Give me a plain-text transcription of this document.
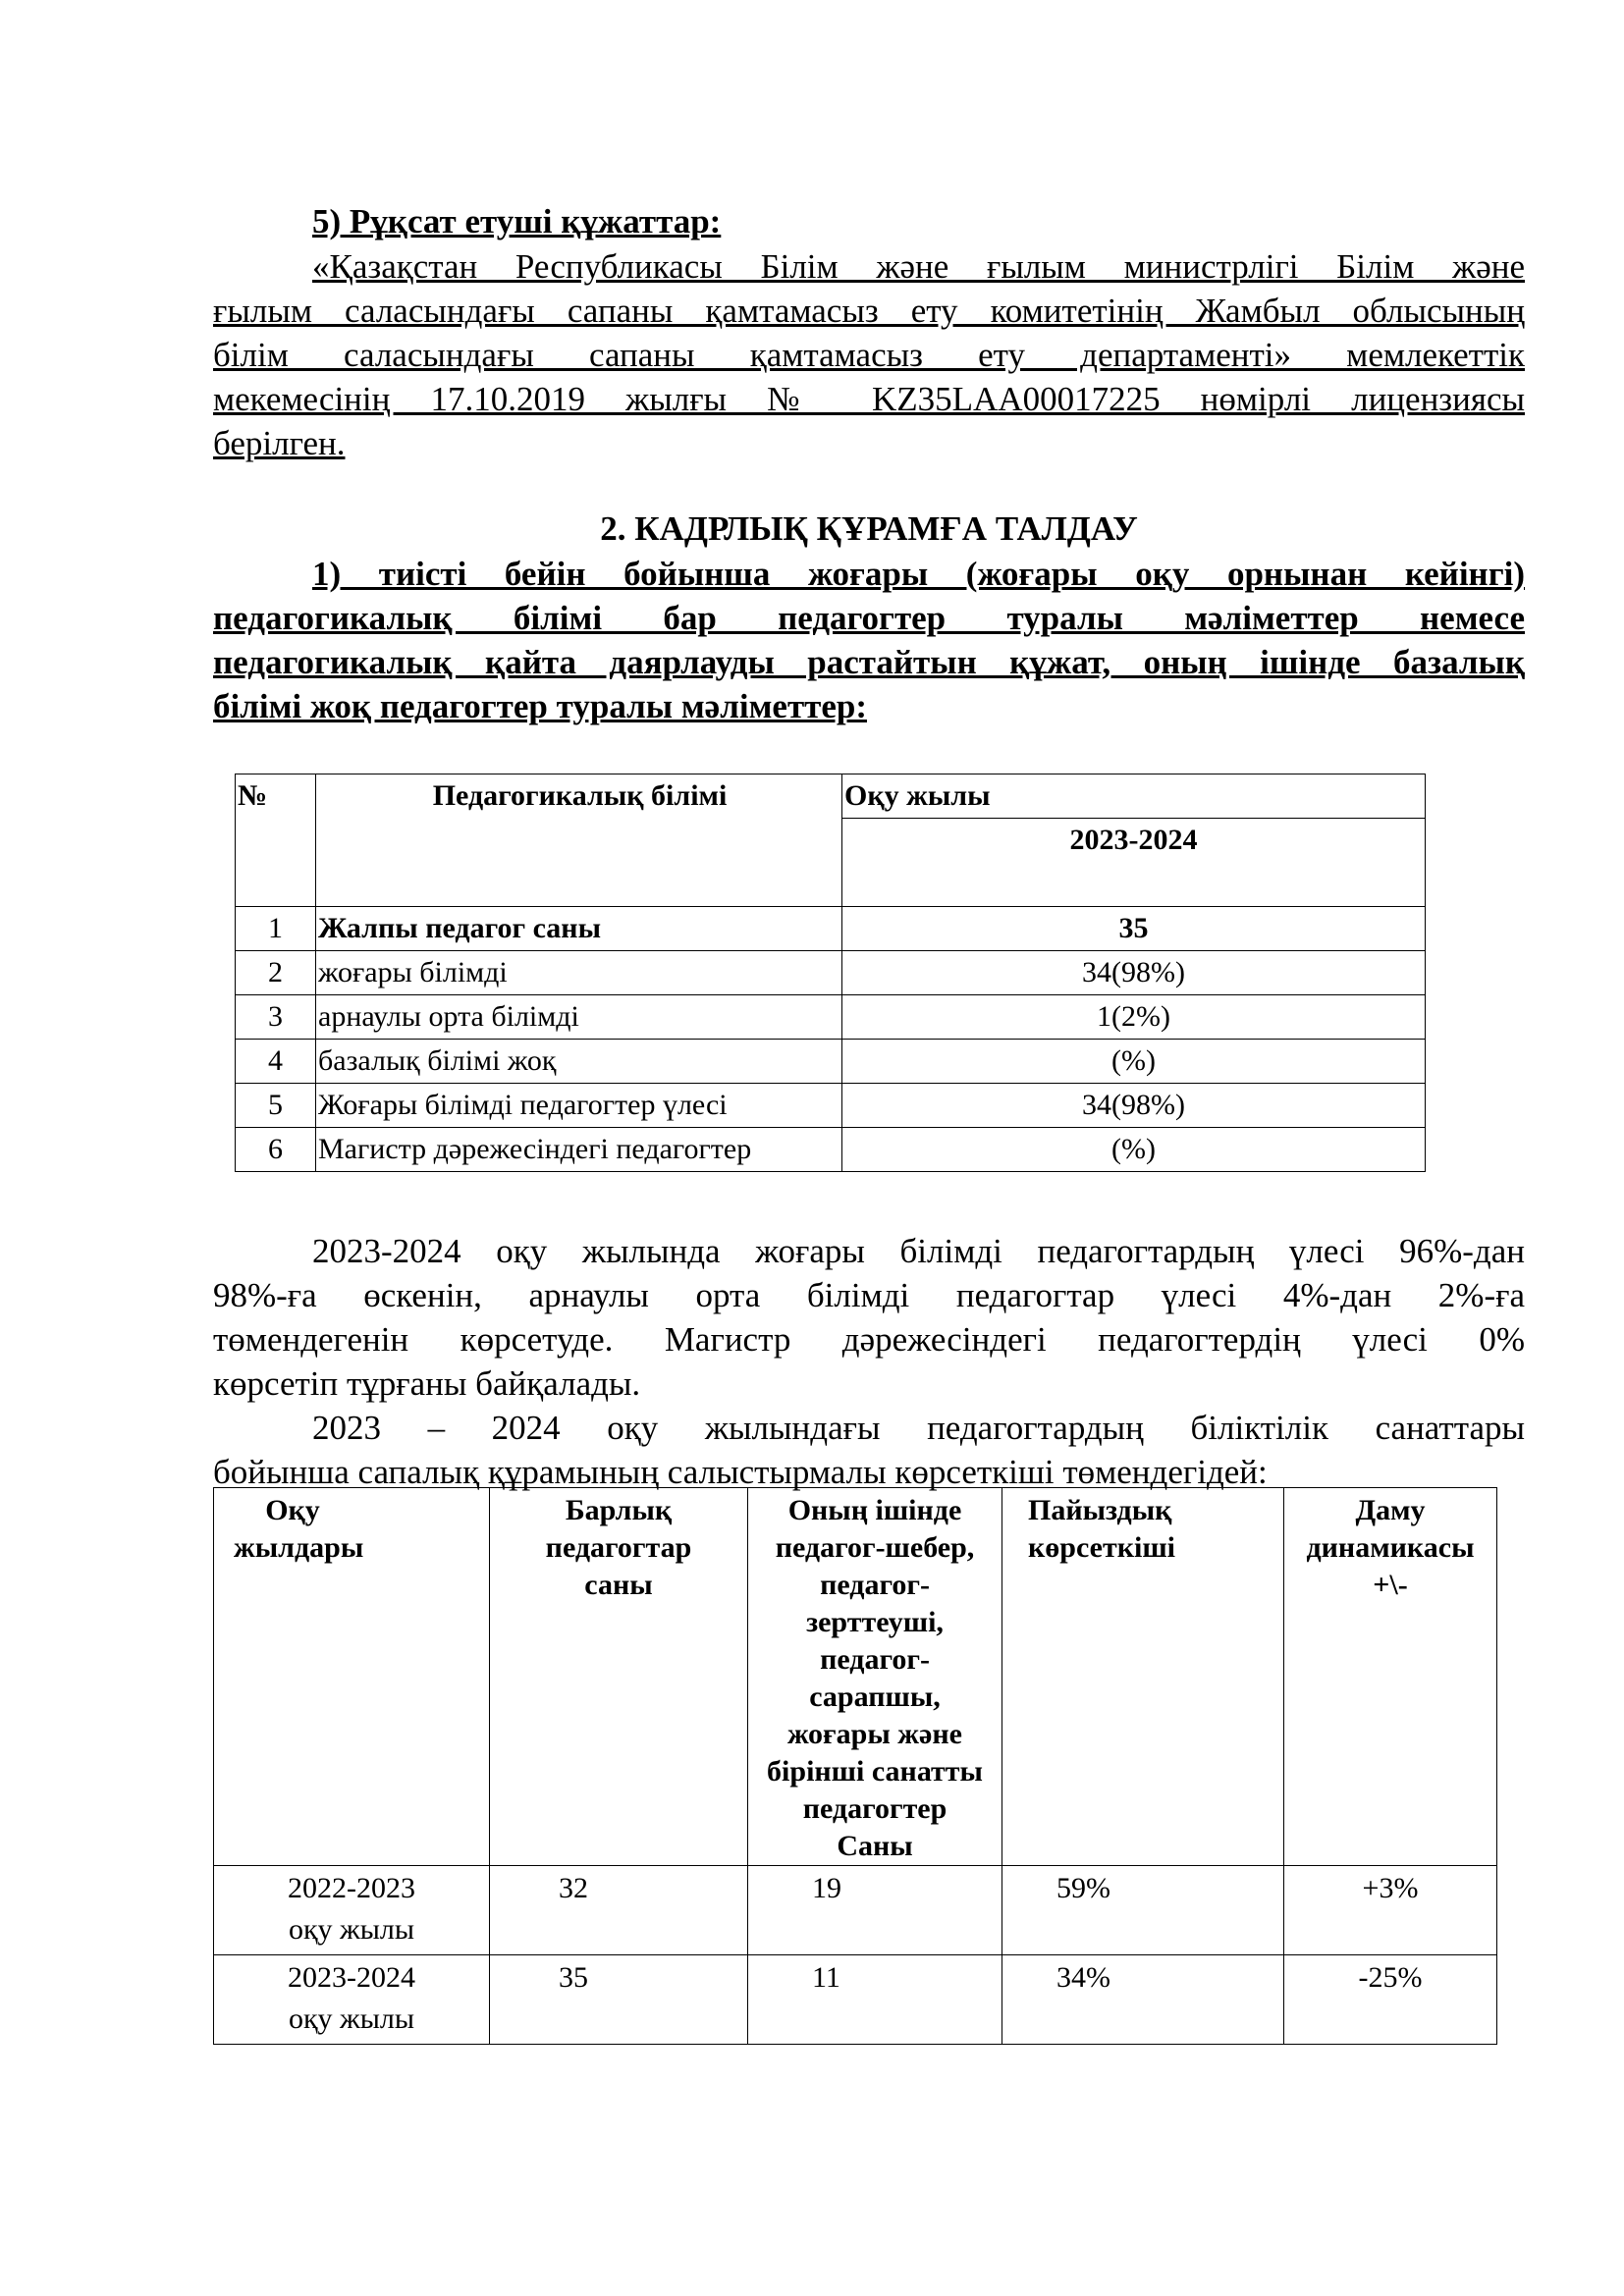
5) Рұқсат етуші құжаттар:
«Қазақстан Республикасы Білім және ғылым министрлігі Білім және
ғылым саласындағы сапаны қамтамасыз ету комитетінің Жамбыл облысының
білім саласындағы сапаны қамтамасыз ету департаменті» мемлекеттік
мекемесінің 17.10.2019 жылғы № KZ35LAA00017225 нөмірлі лицензиясы
берілген.
2. КАДРЛЫҚ ҚҰРАМҒА ТАЛДАУ
1) тиісті бейін бойынша жоғары (жоғары оқу орнынан кейінгі)
педагогикалық білімі бар педагогтер туралы мәліметтер немесе
педагогикалық қайта даярлауды растайтын құжат, оның ішінде базалық
білімі жоқ педагогтер туралы мәліметтер:
№	Педагогикалық білімі	Оқу жылы
		2023-2024
1	Жалпы педагог саны	35
2	жоғары білімді	34(98%)
3	арнаулы орта білімді	1(2%)
4	базалық білімі жоқ	(%)
5	Жоғары білімді педагогтер үлесі	34(98%)
6	Магистр дәрежесіндегі педагогтер	(%)
2023-2024 оқу жылында жоғары білімді педагогтардың үлесі 96%-дан
98%-ға өскенін, арнаулы орта білімді педагогтар үлесі 4%-дан 2%-ға
төмендегенін көрсетуде. Магистр дәрежесіндегі педагогтердің үлесі 0%
көрсетіп тұрғаны байқалады.
2023 – 2024 оқу жылындағы педагогтардың біліктілік санаттары
бойынша сапалық құрамының салыстырмалы көрсеткіші төмендегідей:
Оқу жылдары	Барлық педагогтар саны	Оның ішінде педагог-шебер, педагог-зерттеуші, педагог-сарапшы, жоғары және бірінші санатты педагогтер Саны	Пайыздық көрсеткіші	Даму динамикасы +\-

2022-2023 оқу жылы	32	19	59%	+3%

2023-2024 оқу жылы	35	11	34%	-25%
